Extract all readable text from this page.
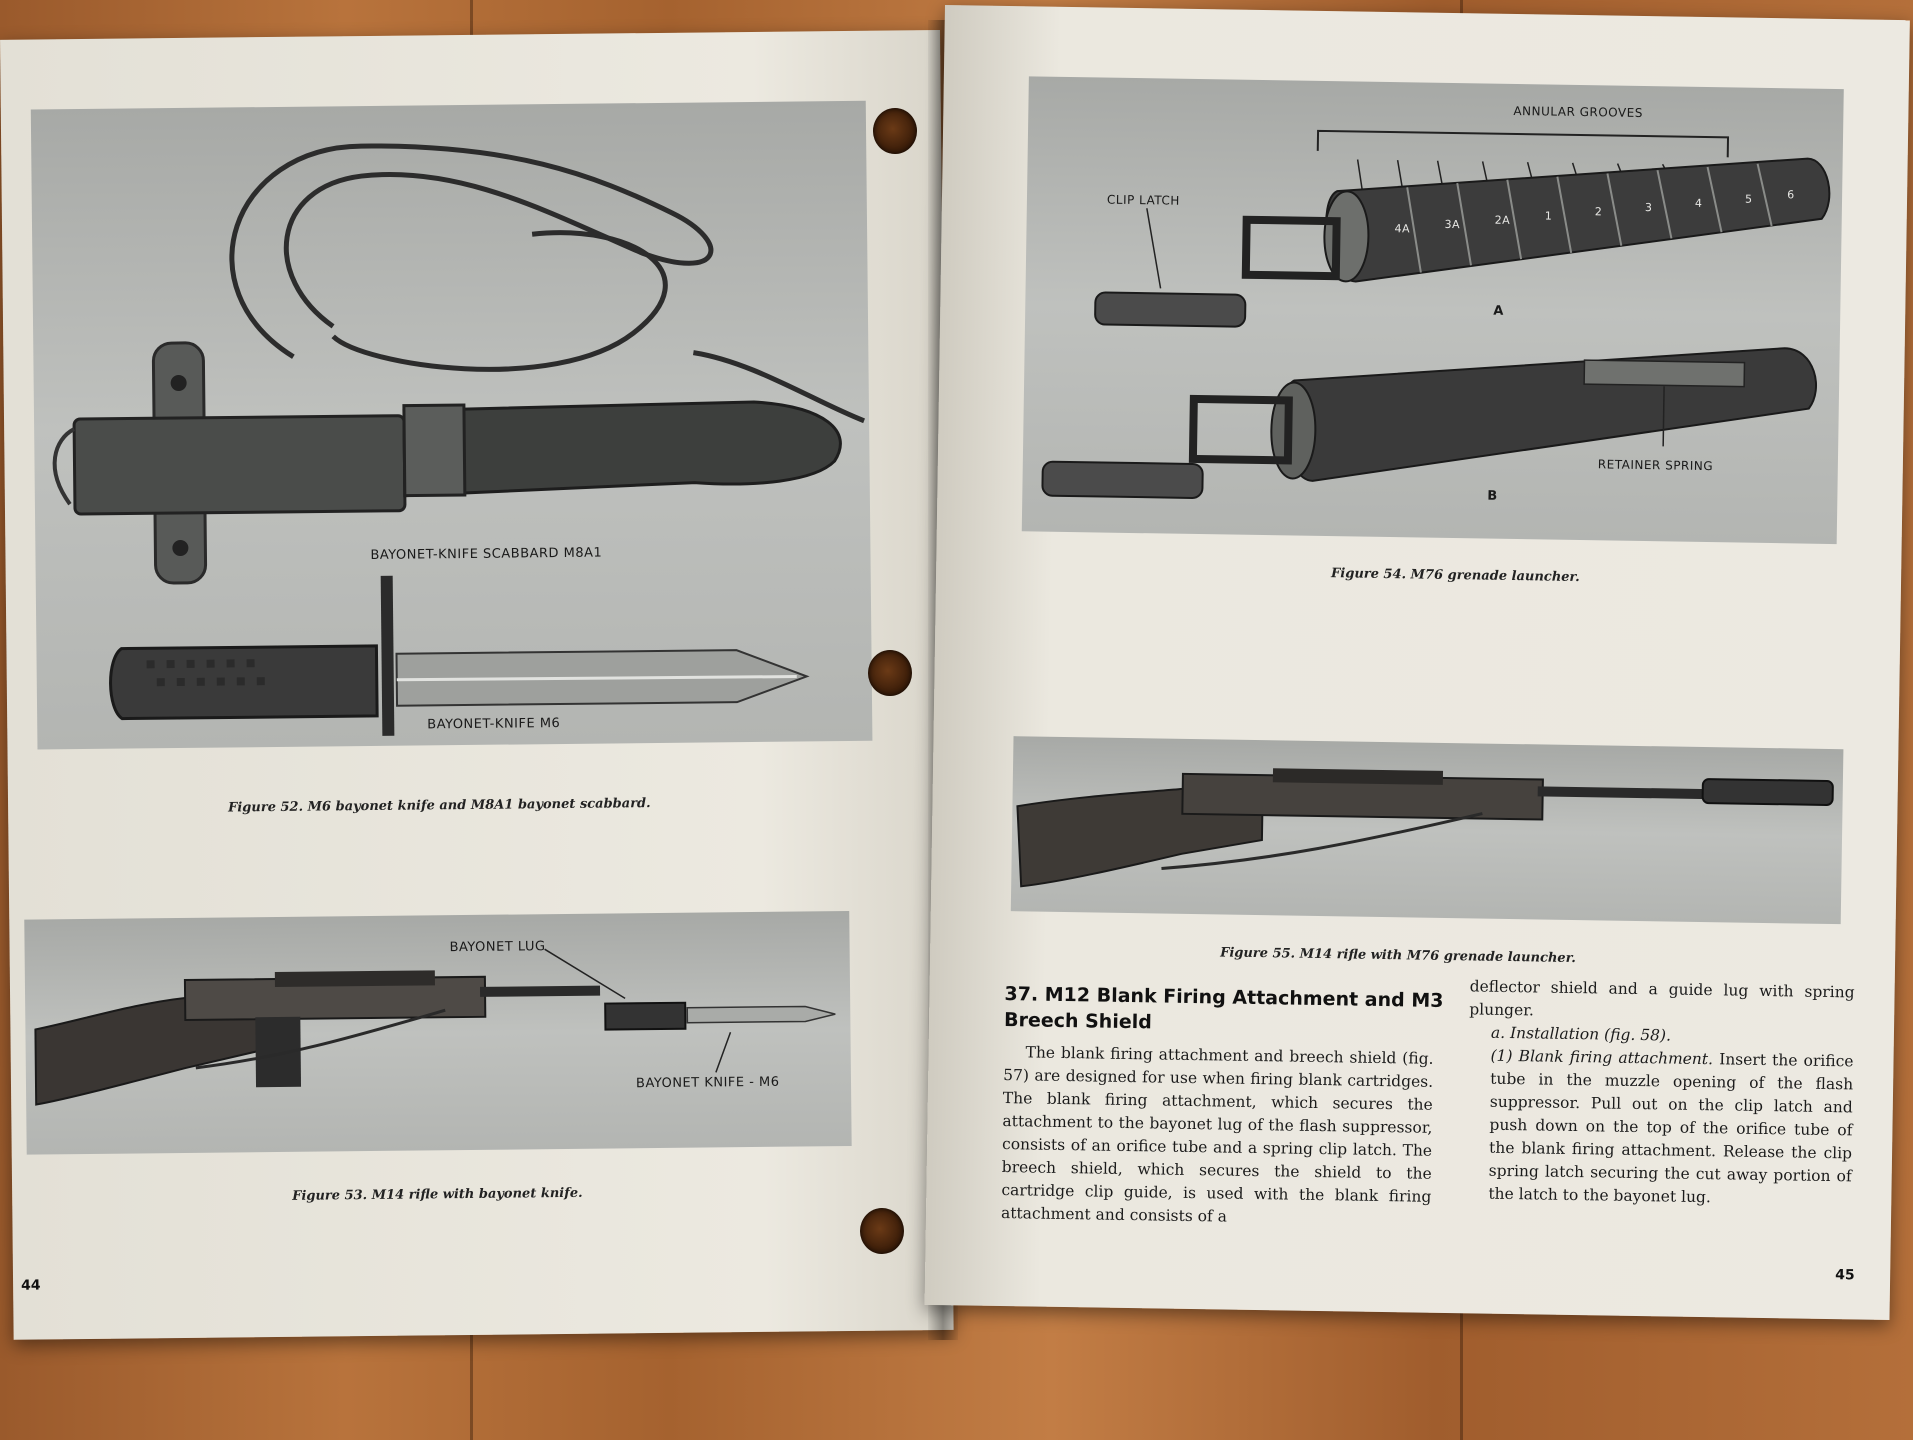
BAYONET-KNIFE SCABBARD M8A1
BAYONET-KNIFE M6
Figure 52. M6 bayonet knife and M8A1 bayonet scabbard.
BAYONET LUG
BAYONET KNIFE - M6
Figure 53. M14 rifle with bayonet knife.
44
ANNULAR GROOVES
CLIP LATCH
A
B
RETAINER SPRING
4A	3A	2A	1	2	3	4	5	6
Figure 54. M76 grenade launcher.
Figure 55. M14 rifle with M76 grenade launcher.
37. M12 Blank Firing Attachment and M3 Breech Shield

The blank firing attachment and breech shield (fig. 57) are designed for use when firing blank cartridges. The blank firing attachment, which secures the attachment to the bayonet lug of the flash suppressor, consists of an orifice tube and a spring clip latch. The breech shield, which secures the shield to the cartridge clip guide, is used with the blank firing attachment and consists of a

deflector shield and a guide lug with spring plunger.

a. Installation (fig. 58).

(1) Blank firing attachment. Insert the orifice tube in the muzzle opening of the flash suppressor. Pull out on the clip latch and push down on the top of the orifice tube of the blank firing attachment. Release the clip spring latch securing the cut away portion of the latch to the bayonet lug.

45
